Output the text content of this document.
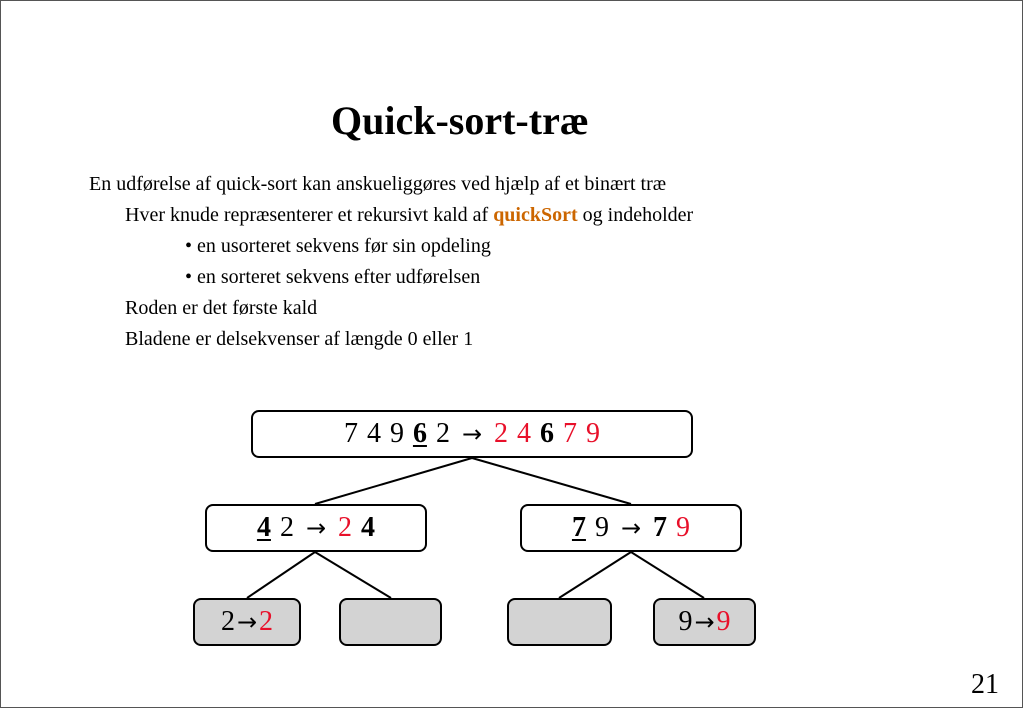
Quick-sort-træ
En udførelse af quick-sort kan anskueliggøres ved hjælp af et binært træ
Hver knude repræsenterer et rekursivt kald af quickSort og indeholder
• en usorteret sekvens før sin opdeling
• en sorteret sekvens efter udførelsen
Roden er det første kald
Bladene er delsekvenser af længde 0 eller 1
7 4 9 6 2 → 2 4 6 7 9
4 2 → 2 4	7 9 → 7 9
2 → 2	9 → 9
21
